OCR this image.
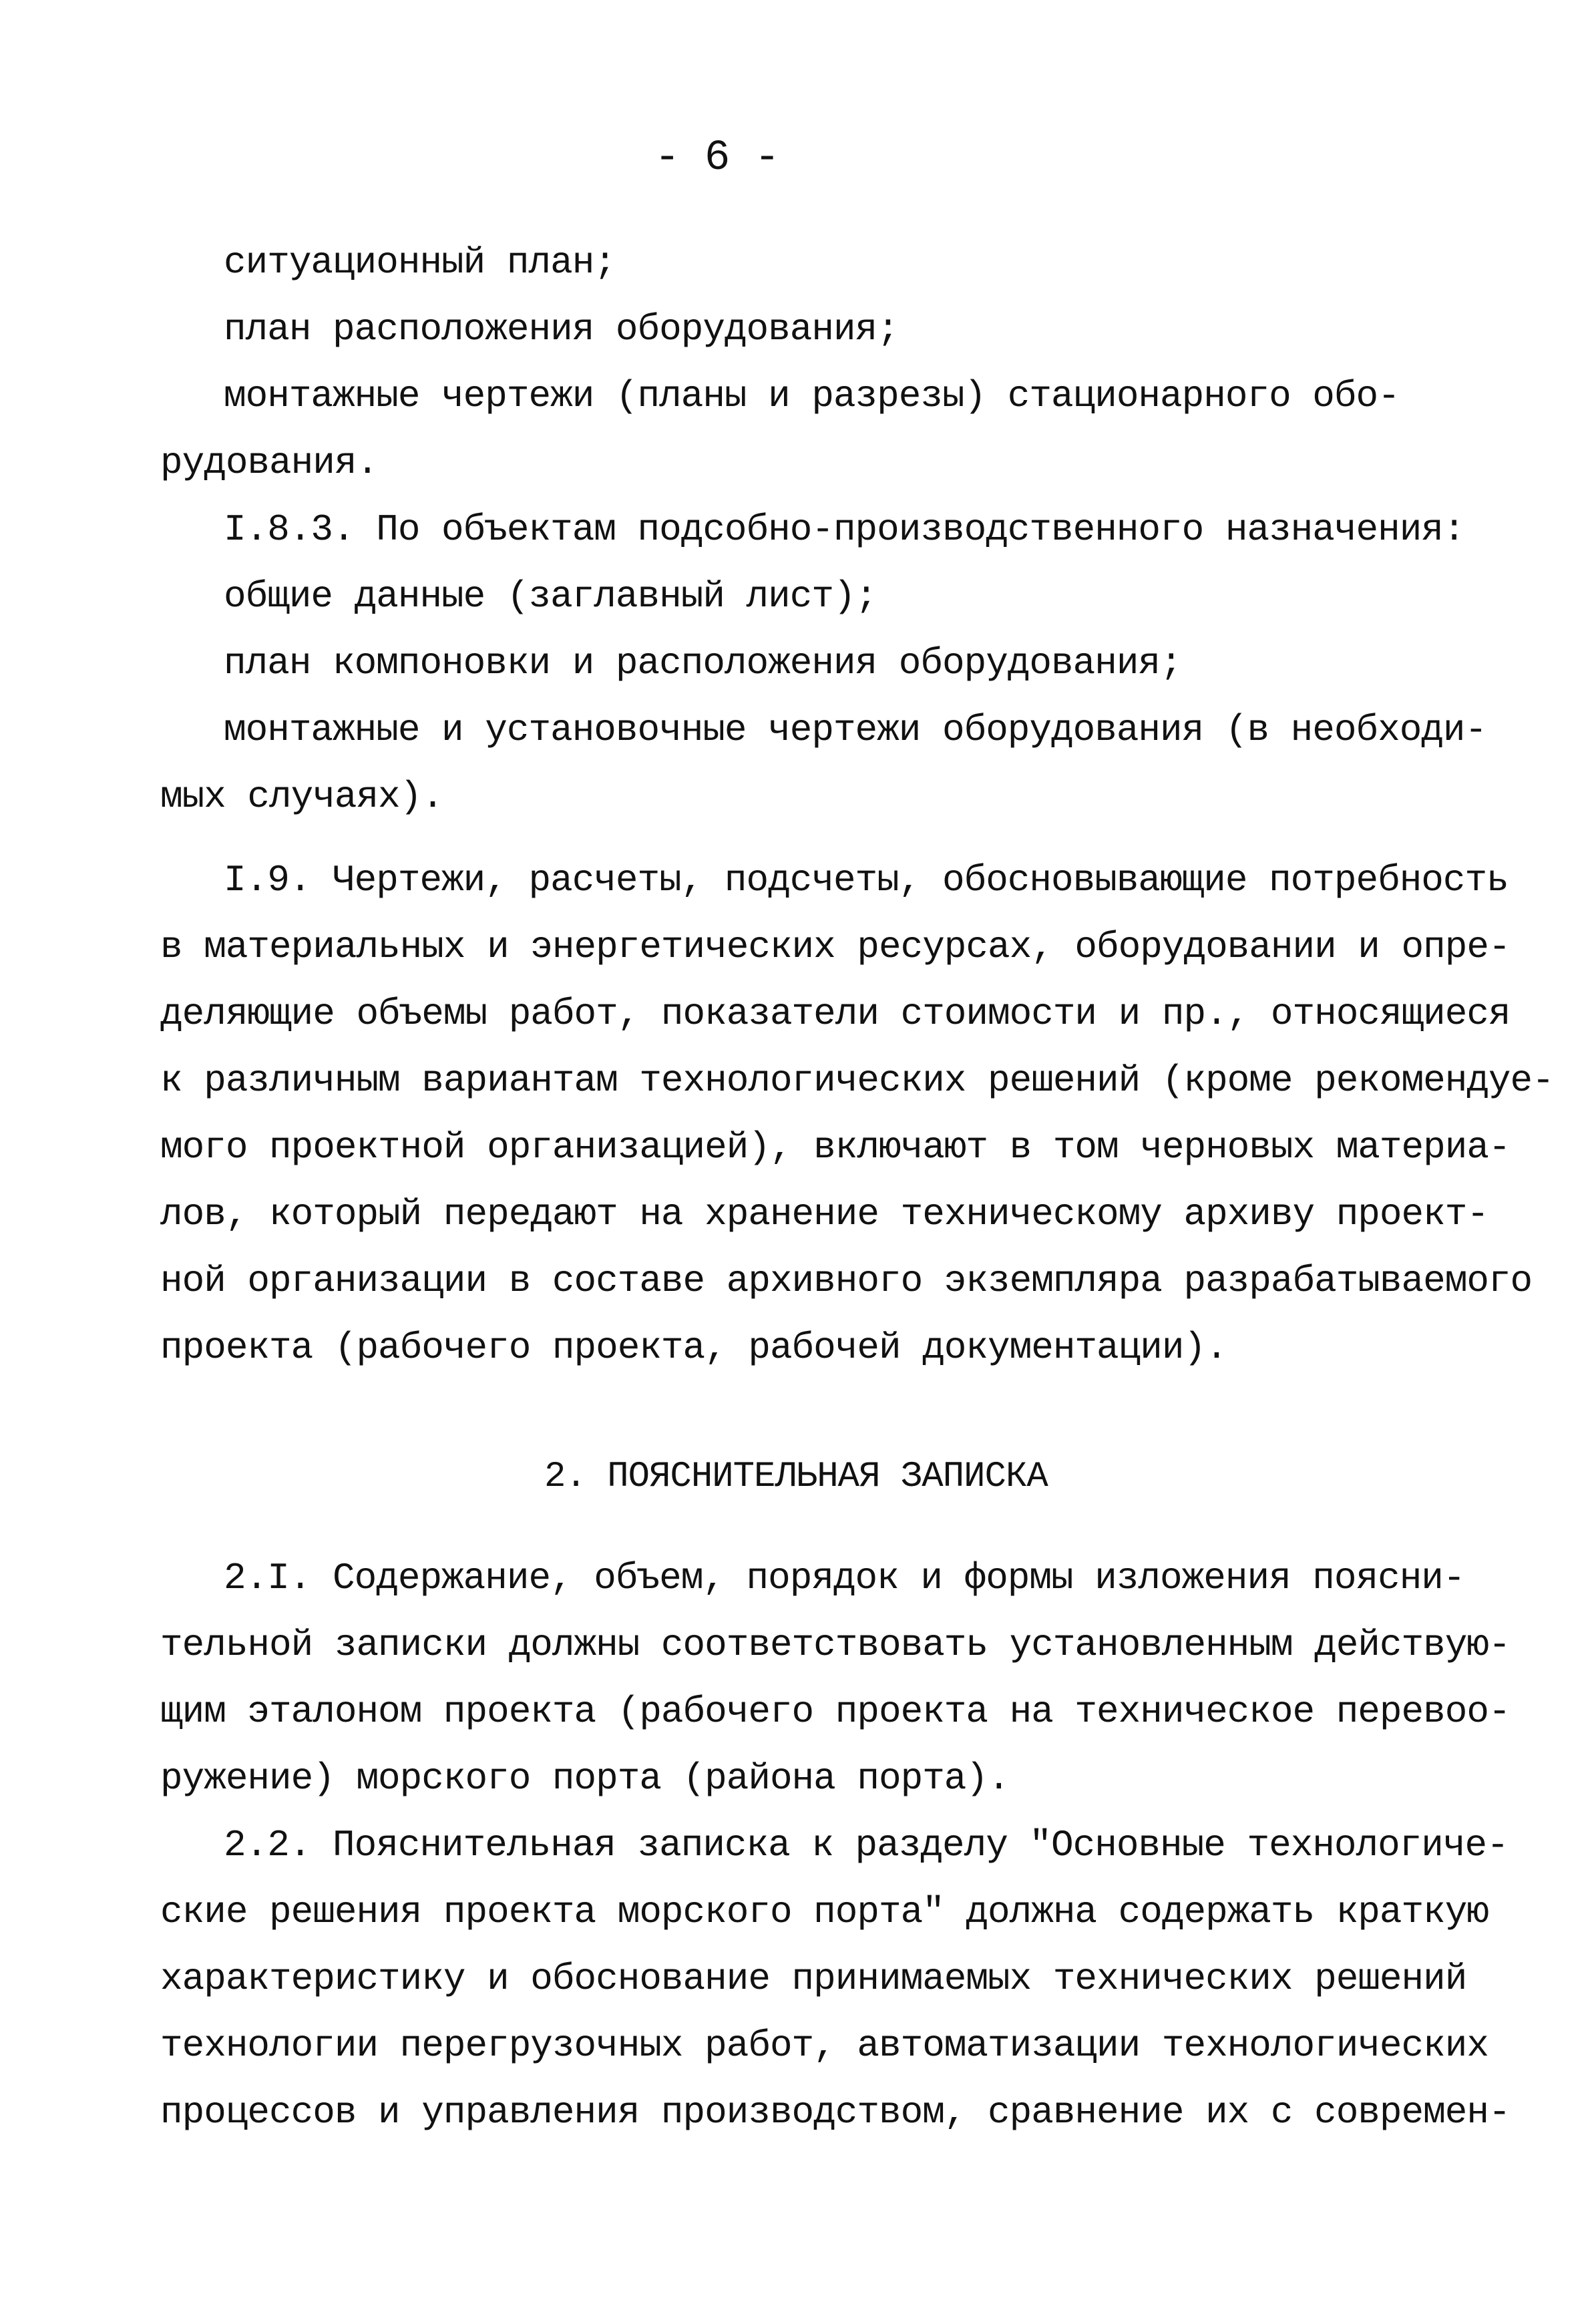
- 6 -
ситуационный план;
план расположения оборудования;
монтажные чертежи (планы и разрезы) стационарного обо-
рудования.
I.8.3. По объектам подсобно-производственного назначения:
общие данные (заглавный лист);
план компоновки и расположения оборудования;
монтажные и установочные чертежи оборудования (в необходи-
мых случаях).
I.9. Чертежи, расчеты, подсчеты, обосновывающие потребность
в материальных и энергетических ресурсах, оборудовании и опре-
деляющие объемы работ, показатели стоимости и пр., относящиеся
к различным вариантам технологических решений (кроме рекомендуе-
мого проектной организацией), включают в том черновых материа-
лов, который передают на хранение техническому архиву проект-
ной организации в составе архивного экземпляра разрабатываемого
проекта (рабочего проекта, рабочей документации).
2. ПОЯСНИТЕЛЬНАЯ ЗАПИСКА
2.I. Содержание, объем, порядок и формы изложения поясни-
тельной записки должны соответствовать установленным действую-
щим эталоном проекта (рабочего проекта на техническое перевоо-
ружение) морского порта (района порта).
2.2. Пояснительная записка к разделу "Основные технологиче-
ские решения проекта морского порта" должна содержать краткую
характеристику и обоснование принимаемых технических решений
технологии перегрузочных работ, автоматизации технологических
процессов и управления производством, сравнение их с современ-
